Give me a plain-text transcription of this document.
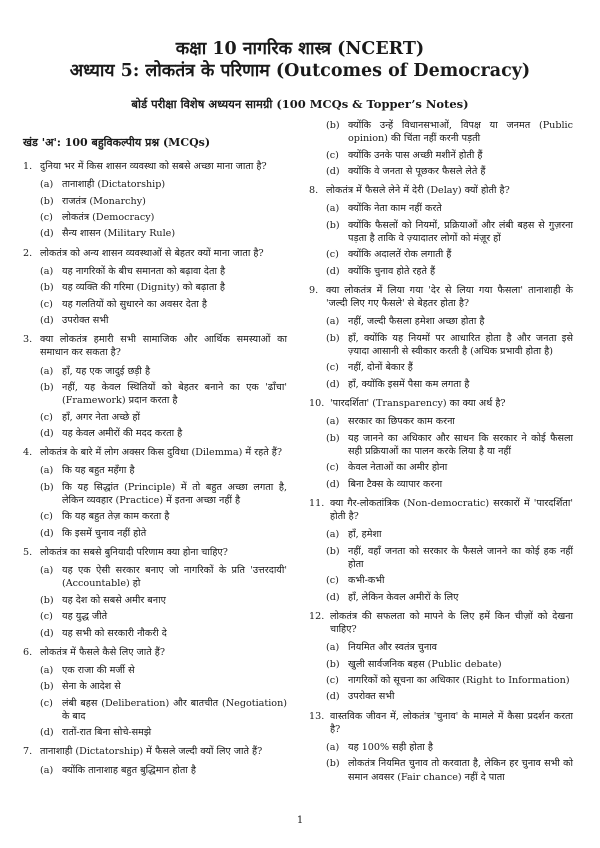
कक्षा 10 नागरिक शास्त्र (NCERT)
अध्याय 5: लोकतंत्र के परिणाम (Outcomes of Democracy)
बोर्ड परीक्षा विशेष अध्ययन सामग्री (100 MCQs & Topper’s Notes)
खंड 'अ': 100 बहुविकल्पीय प्रश्न (MCQs)
1. दुनिया भर में किस शासन व्यवस्था को सबसे अच्छा माना जाता है?
(a) तानाशाही (Dictatorship)
(b) राजतंत्र (Monarchy)
(c) लोकतंत्र (Democracy)
(d) सैन्य शासन (Military Rule)
2. लोकतंत्र को अन्य शासन व्यवस्थाओं से बेहतर क्यों माना जाता है?
(a) यह नागरिकों के बीच समानता को बढ़ावा देता है
(b) यह व्यक्ति की गरिमा (Dignity) को बढ़ाता है
(c) यह गलतियों को सुधारने का अवसर देता है
(d) उपरोक्त सभी
3. क्या लोकतंत्र हमारी सभी सामाजिक और आर्थिक समस्याओं का समाधान कर सकता है?
(a) हाँ, यह एक जादुई छड़ी है
(b) नहीं, यह केवल स्थितियों को बेहतर बनाने का एक 'ढाँचा' (Framework) प्रदान करता है
(c) हाँ, अगर नेता अच्छे हों
(d) यह केवल अमीरों की मदद करता है
4. लोकतंत्र के बारे में लोग अक्सर किस दुविधा (Dilemma) में रहते हैं?
(a) कि यह बहुत महँगा है
(b) कि यह सिद्धांत (Principle) में तो बहुत अच्छा लगता है, लेकिन व्यवहार (Practice) में इतना अच्छा नहीं है
(c) कि यह बहुत तेज़ काम करता है
(d) कि इसमें चुनाव नहीं होते
5. लोकतंत्र का सबसे बुनियादी परिणाम क्या होना चाहिए?
(a) यह एक ऐसी सरकार बनाए जो नागरिकों के प्रति 'उत्तरदायी' (Accountable) हो
(b) यह देश को सबसे अमीर बनाए
(c) यह युद्ध जीते
(d) यह सभी को सरकारी नौकरी दे
6. लोकतंत्र में फैसले कैसे लिए जाते हैं?
(a) एक राजा की मर्जी से
(b) सेना के आदेश से
(c) लंबी बहस (Deliberation) और बातचीत (Negotiation) के बाद
(d) रातों-रात बिना सोचे-समझे
7. तानाशाही (Dictatorship) में फैसले जल्दी क्यों लिए जाते हैं?
(a) क्योंकि तानाशाह बहुत बुद्धिमान होता है
(b) क्योंकि उन्हें विधानसभाओं, विपक्ष या जनमत (Public opinion) की चिंता नहीं करनी पड़ती
(c) क्योंकि उनके पास अच्छी मशीनें होती हैं
(d) क्योंकि वे जनता से पूछकर फैसले लेते हैं
8. लोकतंत्र में फैसले लेने में देरी (Delay) क्यों होती है?
(a) क्योंकि नेता काम नहीं करते
(b) क्योंकि फैसलों को नियमों, प्रक्रियाओं और लंबी बहस से गुज़रना पड़ता है ताकि वे ज़्यादातर लोगों को मंज़ूर हों
(c) क्योंकि अदालतें रोक लगाती हैं
(d) क्योंकि चुनाव होते रहते हैं
9. क्या लोकतंत्र में लिया गया 'देर से लिया गया फैसला' तानाशाही के 'जल्दी लिए गए फैसले' से बेहतर होता है?
(a) नहीं, जल्दी फैसला हमेशा अच्छा होता है
(b) हाँ, क्योंकि यह नियमों पर आधारित होता है और जनता इसे ज़्यादा आसानी से स्वीकार करती है (अधिक प्रभावी होता है)
(c) नहीं, दोनों बेकार हैं
(d) हाँ, क्योंकि इसमें पैसा कम लगता है
10. 'पारदर्शिता' (Transparency) का क्या अर्थ है?
(a) सरकार का छिपकर काम करना
(b) यह जानने का अधिकार और साधन कि सरकार ने कोई फैसला सही प्रक्रियाओं का पालन करके लिया है या नहीं
(c) केवल नेताओं का अमीर होना
(d) बिना टैक्स के व्यापार करना
11. क्या गैर-लोकतांत्रिक (Non-democratic) सरकारों में 'पारदर्शिता' होती है?
(a) हाँ, हमेशा
(b) नहीं, वहाँ जनता को सरकार के फैसले जानने का कोई हक नहीं होता
(c) कभी-कभी
(d) हाँ, लेकिन केवल अमीरों के लिए
12. लोकतंत्र की सफलता को मापने के लिए हमें किन चीज़ों को देखना चाहिए?
(a) नियमित और स्वतंत्र चुनाव
(b) खुली सार्वजनिक बहस (Public debate)
(c) नागरिकों को सूचना का अधिकार (Right to Information)
(d) उपरोक्त सभी
13. वास्तविक जीवन में, लोकतंत्र 'चुनाव' के मामले में कैसा प्रदर्शन करता है?
(a) यह 100% सही होता है
(b) लोकतंत्र नियमित चुनाव तो करवाता है, लेकिन हर चुनाव सभी को समान अवसर (Fair chance) नहीं दे पाता
1
